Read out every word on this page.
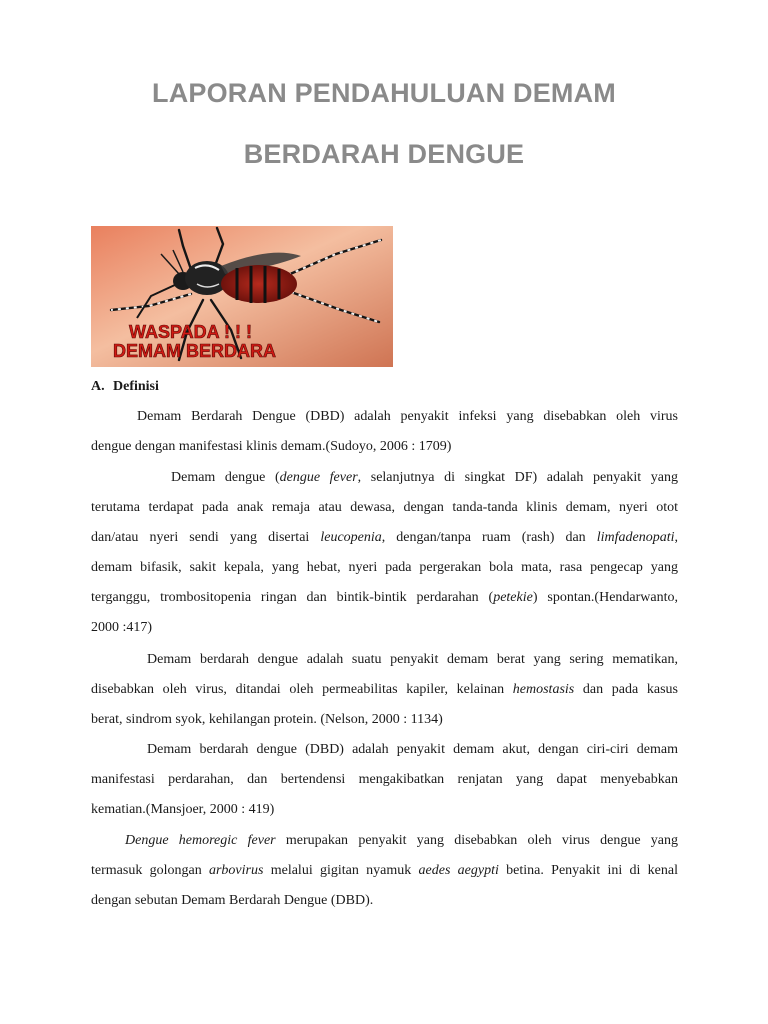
LAPORAN PENDAHULUAN DEMAM
BERDARAH DENGUE
WASPADA ! ! !
DEMAM BERDARA
A. Definisi
Demam Berdarah Dengue (DBD) adalah penyakit infeksi yang disebabkan oleh virus
dengue dengan manifestasi klinis demam.(Sudoyo, 2006 : 1709)
Demam dengue (dengue fever, selanjutnya di singkat DF) adalah penyakit yang
terutama terdapat pada anak remaja atau dewasa, dengan tanda-tanda klinis demam, nyeri otot
dan/atau nyeri sendi yang disertai leucopenia, dengan/tanpa ruam (rash) dan limfadenopati,
demam bifasik, sakit kepala, yang hebat, nyeri pada pergerakan bola mata, rasa pengecap yang
terganggu, trombositopenia ringan dan bintik-bintik perdarahan (petekie) spontan.(Hendarwanto,
2000 :417)
Demam berdarah dengue adalah suatu penyakit demam berat yang sering mematikan,
disebabkan oleh virus, ditandai oleh permeabilitas kapiler, kelainan hemostasis dan pada kasus
berat, sindrom syok, kehilangan protein. (Nelson, 2000 : 1134)
Demam berdarah dengue (DBD) adalah penyakit demam akut, dengan ciri-ciri demam
manifestasi perdarahan, dan bertendensi mengakibatkan renjatan yang dapat menyebabkan
kematian.(Mansjoer, 2000 : 419)
Dengue hemoregic fever merupakan penyakit yang disebabkan oleh virus dengue yang
termasuk golongan arbovirus melalui gigitan nyamuk aedes aegypti betina. Penyakit ini di kenal
dengan sebutan Demam Berdarah Dengue (DBD).
